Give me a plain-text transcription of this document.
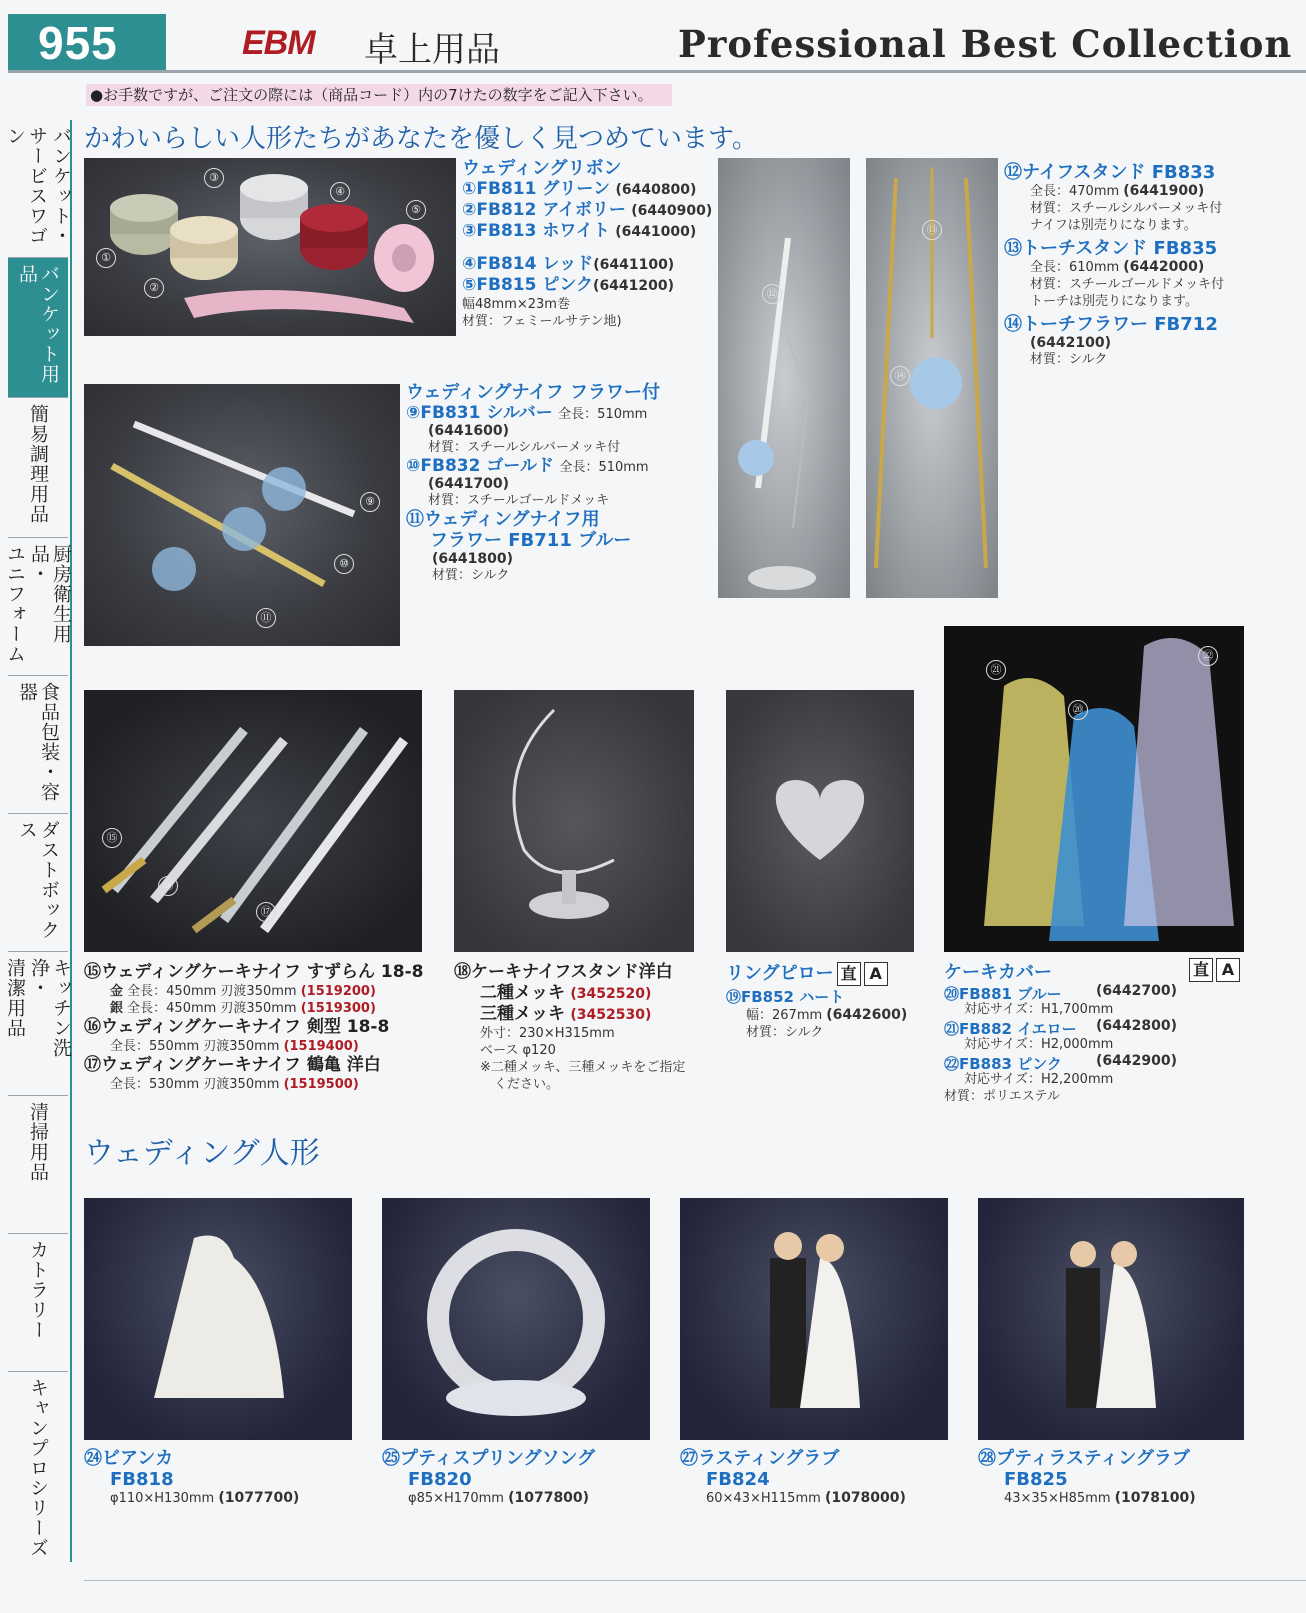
955	EBM 卓上用品	Professional Best Collection
●お手数ですが、ご注文の際には（商品コード）内の7けたの数字をご記入下さい。
かわいらしい人形たちがあなたを優しく見つめています。
バンケット・
サービスワゴン
バンケット用品
簡易調理用品
厨房衛生用品・
ユニフォーム
食品包装・容器
ダストボックス
キッチン洗浄・
清潔用品
清掃用品
カトラリー
キャンプロシリーズ
③
④
⑤
①
②
ウェディングリボン
①FB811 グリーン (6440800)
②FB812 アイボリー (6440900)
③FB813 ホワイト (6441000)
④FB814 レッド(6441100)
⑤FB815 ピンク(6441200)
幅48mm×23m巻
材質：フェミールサテン地)
⑨
⑩
⑪
ウェディングナイフ フラワー付
⑨FB831 シルバー 全長：510mm
(6441600)
材質：スチールシルバーメッキ付
⑩FB832 ゴールド 全長：510mm
(6441700)
材質：スチールゴールドメッキ
⑪ウェディングナイフ用
フラワー FB711 ブルー
(6441800)
材質：シルク
⑫
⑬
⑭
⑫ナイフスタンド FB833
全長：470mm (6441900)
材質：スチールシルバーメッキ付
ナイフは別売りになります。
⑬トーチスタンド FB835
全長：610mm (6442000)
材質：スチールゴールドメッキ付
トーチは別売りになります。
⑭トーチフラワー FB712
(6442100)
材質：シルク
⑮
⑯
⑰
㉑
⑳
㉒
⑮ウェディングケーキナイフ すずらん 18-8
金 全長：450mm 刃渡350mm (1519200)
銀 全長：450mm 刃渡350mm (1519300)
⑯ウェディングケーキナイフ 剣型 18-8
全長：550mm 刃渡350mm (1519400)
⑰ウェディングケーキナイフ 鶴亀 洋白
全長：530mm 刃渡350mm (1519500)
⑱ケーキナイフスタンド洋白
二種メッキ (3452520)
三種メッキ (3452530)
外寸：230×H315mm
ベース φ120
※二種メッキ、三種メッキをご指定
ください。
リングピロー 直 A
⑲FB852 ハート
幅：267mm (6442600)
材質：シルク
ケーキカバー	直 A
⑳FB881 ブルー (6442700)
対応サイズ：H1,700mm
㉑FB882 イエロー (6442800)
対応サイズ：H2,000mm
㉒FB883 ピンク (6442900)
対応サイズ：H2,200mm
材質：ポリエステル
ウェディング人形
㉔ビアンカ
FB818
φ110×H130mm (1077700)
㉕プティスプリングソング
FB820
φ85×H170mm (1077800)
㉗ラスティングラブ
FB824
60×43×H115mm (1078000)
㉘プティラスティングラブ
FB825
43×35×H85mm (1078100)
